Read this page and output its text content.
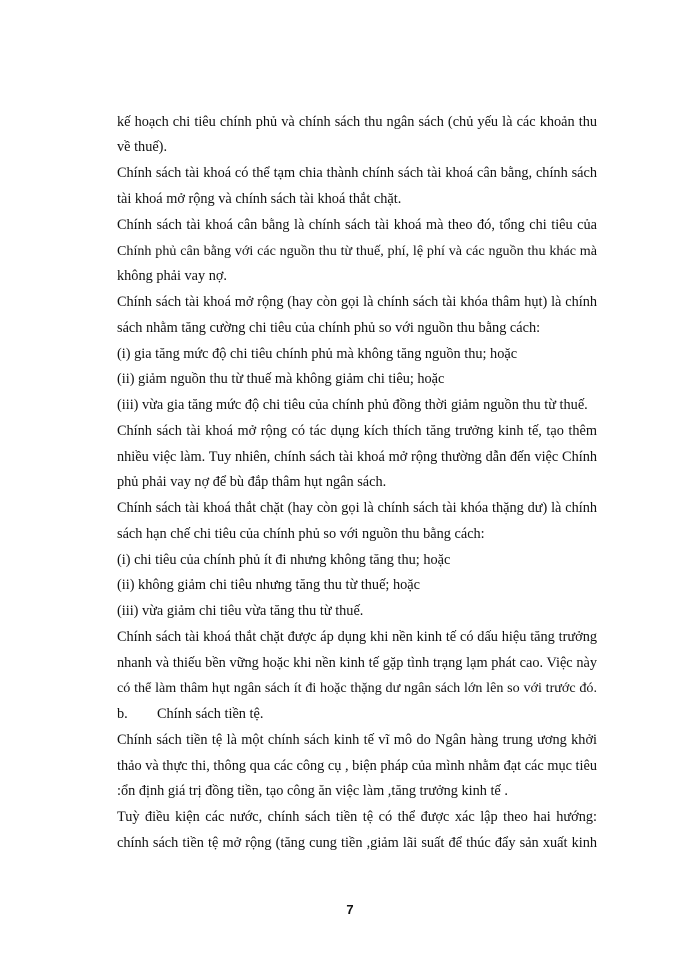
kế hoạch chi tiêu chính phủ và chính sách thu ngân sách (chủ yếu là các khoản thu
về thuế).
Chính sách tài khoá có thể tạm chia thành chính sách tài khoá cân bằng, chính sách
tài khoá mở rộng và chính sách tài khoá thắt chặt.
Chính sách tài khoá cân bằng là chính sách tài khoá mà theo đó, tổng chi tiêu của
Chính phủ cân bằng với các nguồn thu từ thuế, phí, lệ phí và các nguồn thu khác mà
không phải vay nợ.
Chính sách tài khoá mở rộng (hay còn gọi là chính sách tài khóa thâm hụt) là chính
sách nhằm tăng cường chi tiêu của chính phủ so với nguồn thu bằng cách:
(i) gia tăng mức độ chi tiêu chính phủ mà không tăng nguồn thu; hoặc
(ii) giảm nguồn thu từ thuế mà không giảm chi tiêu; hoặc
(iii) vừa gia tăng mức độ chi tiêu của chính phủ đồng thời giảm nguồn thu từ thuế.
Chính sách tài khoá mở rộng có tác dụng kích thích tăng trưởng kinh tế, tạo thêm
nhiều việc làm. Tuy nhiên, chính sách tài khoá mở rộng thường dẫn đến việc Chính
phủ phải vay nợ để bù đắp thâm hụt ngân sách.
Chính sách tài khoá thắt chặt (hay còn gọi là chính sách tài khóa thặng dư) là chính
sách hạn chế chi tiêu của chính phủ so với nguồn thu bằng cách:
(i) chi tiêu của chính phủ ít đi nhưng không tăng thu; hoặc
(ii) không giảm chi tiêu nhưng tăng thu từ thuế; hoặc
(iii) vừa giảm chi tiêu vừa tăng thu từ thuế.
Chính sách tài khoá thắt chặt được áp dụng khi nền kinh tế có dấu hiệu tăng trưởng
nhanh và thiếu bền vững hoặc khi nền kinh tế gặp tình trạng lạm phát cao. Việc này
có thể làm thâm hụt ngân sách ít đi hoặc thặng dư ngân sách lớn lên so với trước đó.
b. Chính sách tiền tệ.
Chính sách tiền tệ là một chính sách kinh tế vĩ mô do Ngân hàng trung ương khởi
thảo và thực thi, thông qua các công cụ , biện pháp của mình nhằm đạt các mục tiêu
:ổn định giá trị đồng tiền, tạo công ăn việc làm ,tăng trưởng kinh tế .
Tuỳ điều kiện các nước, chính sách tiền tệ có thể được xác lập theo hai hướng:
chính sách tiền tệ mở rộng (tăng cung tiền ,giảm lãi suất để thúc đẩy sản xuất kinh
7
